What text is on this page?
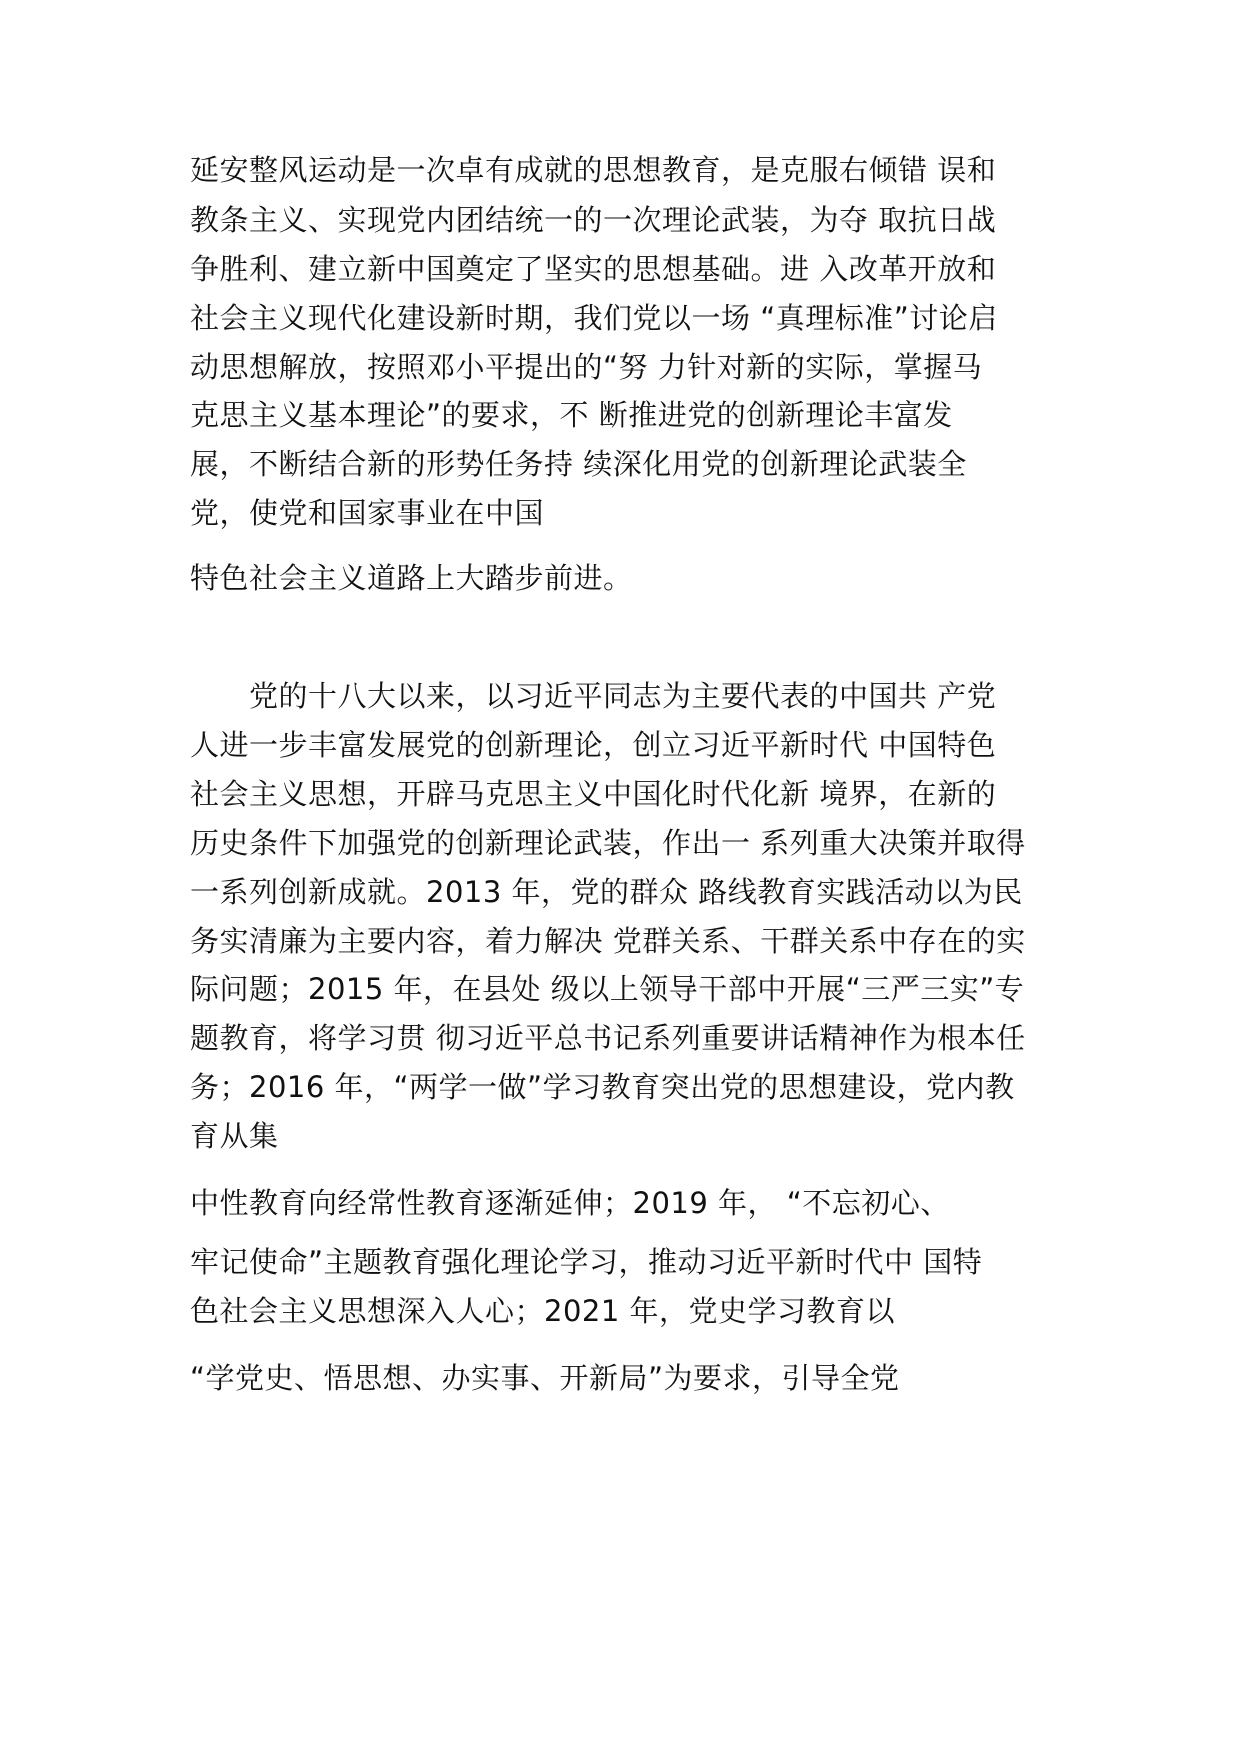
延安整风运动是一次卓有成就的思想教育，是克服右倾错 误和
教条主义、实现党内团结统一的一次理论武装，为夺 取抗日战
争胜利、建立新中国奠定了坚实的思想基础。进 入改革开放和
社会主义现代化建设新时期，我们党以一场 “真理标准”讨论启
动思想解放，按照邓小平提出的“努 力针对新的实际，掌握马
克思主义基本理论”的要求，不 断推进党的创新理论丰富发
展，不断结合新的形势任务持 续深化用党的创新理论武装全
党，使党和国家事业在中国
特色社会主义道路上大踏步前进。
　　党的十八大以来，以习近平同志为主要代表的中国共 产党
人进一步丰富发展党的创新理论，创立习近平新时代 中国特色
社会主义思想，开辟马克思主义中国化时代化新 境界，在新的
历史条件下加强党的创新理论武装，作出一 系列重大决策并取得
一系列创新成就。2013 年，党的群众 路线教育实践活动以为民
务实清廉为主要内容，着力解决 党群关系、干群关系中存在的实
际问题；2015 年，在县处 级以上领导干部中开展“三严三实”专
题教育，将学习贯 彻习近平总书记系列重要讲话精神作为根本任
务；2016 年，“两学一做”学习教育突出党的思想建设，党内教
育从集
中性教育向经常性教育逐渐延伸；2019 年， “不忘初心、
牢记使命”主题教育强化理论学习，推动习近平新时代中 国特
色社会主义思想深入人心；2021 年，党史学习教育以
“学党史、悟思想、办实事、开新局”为要求，引导全党
